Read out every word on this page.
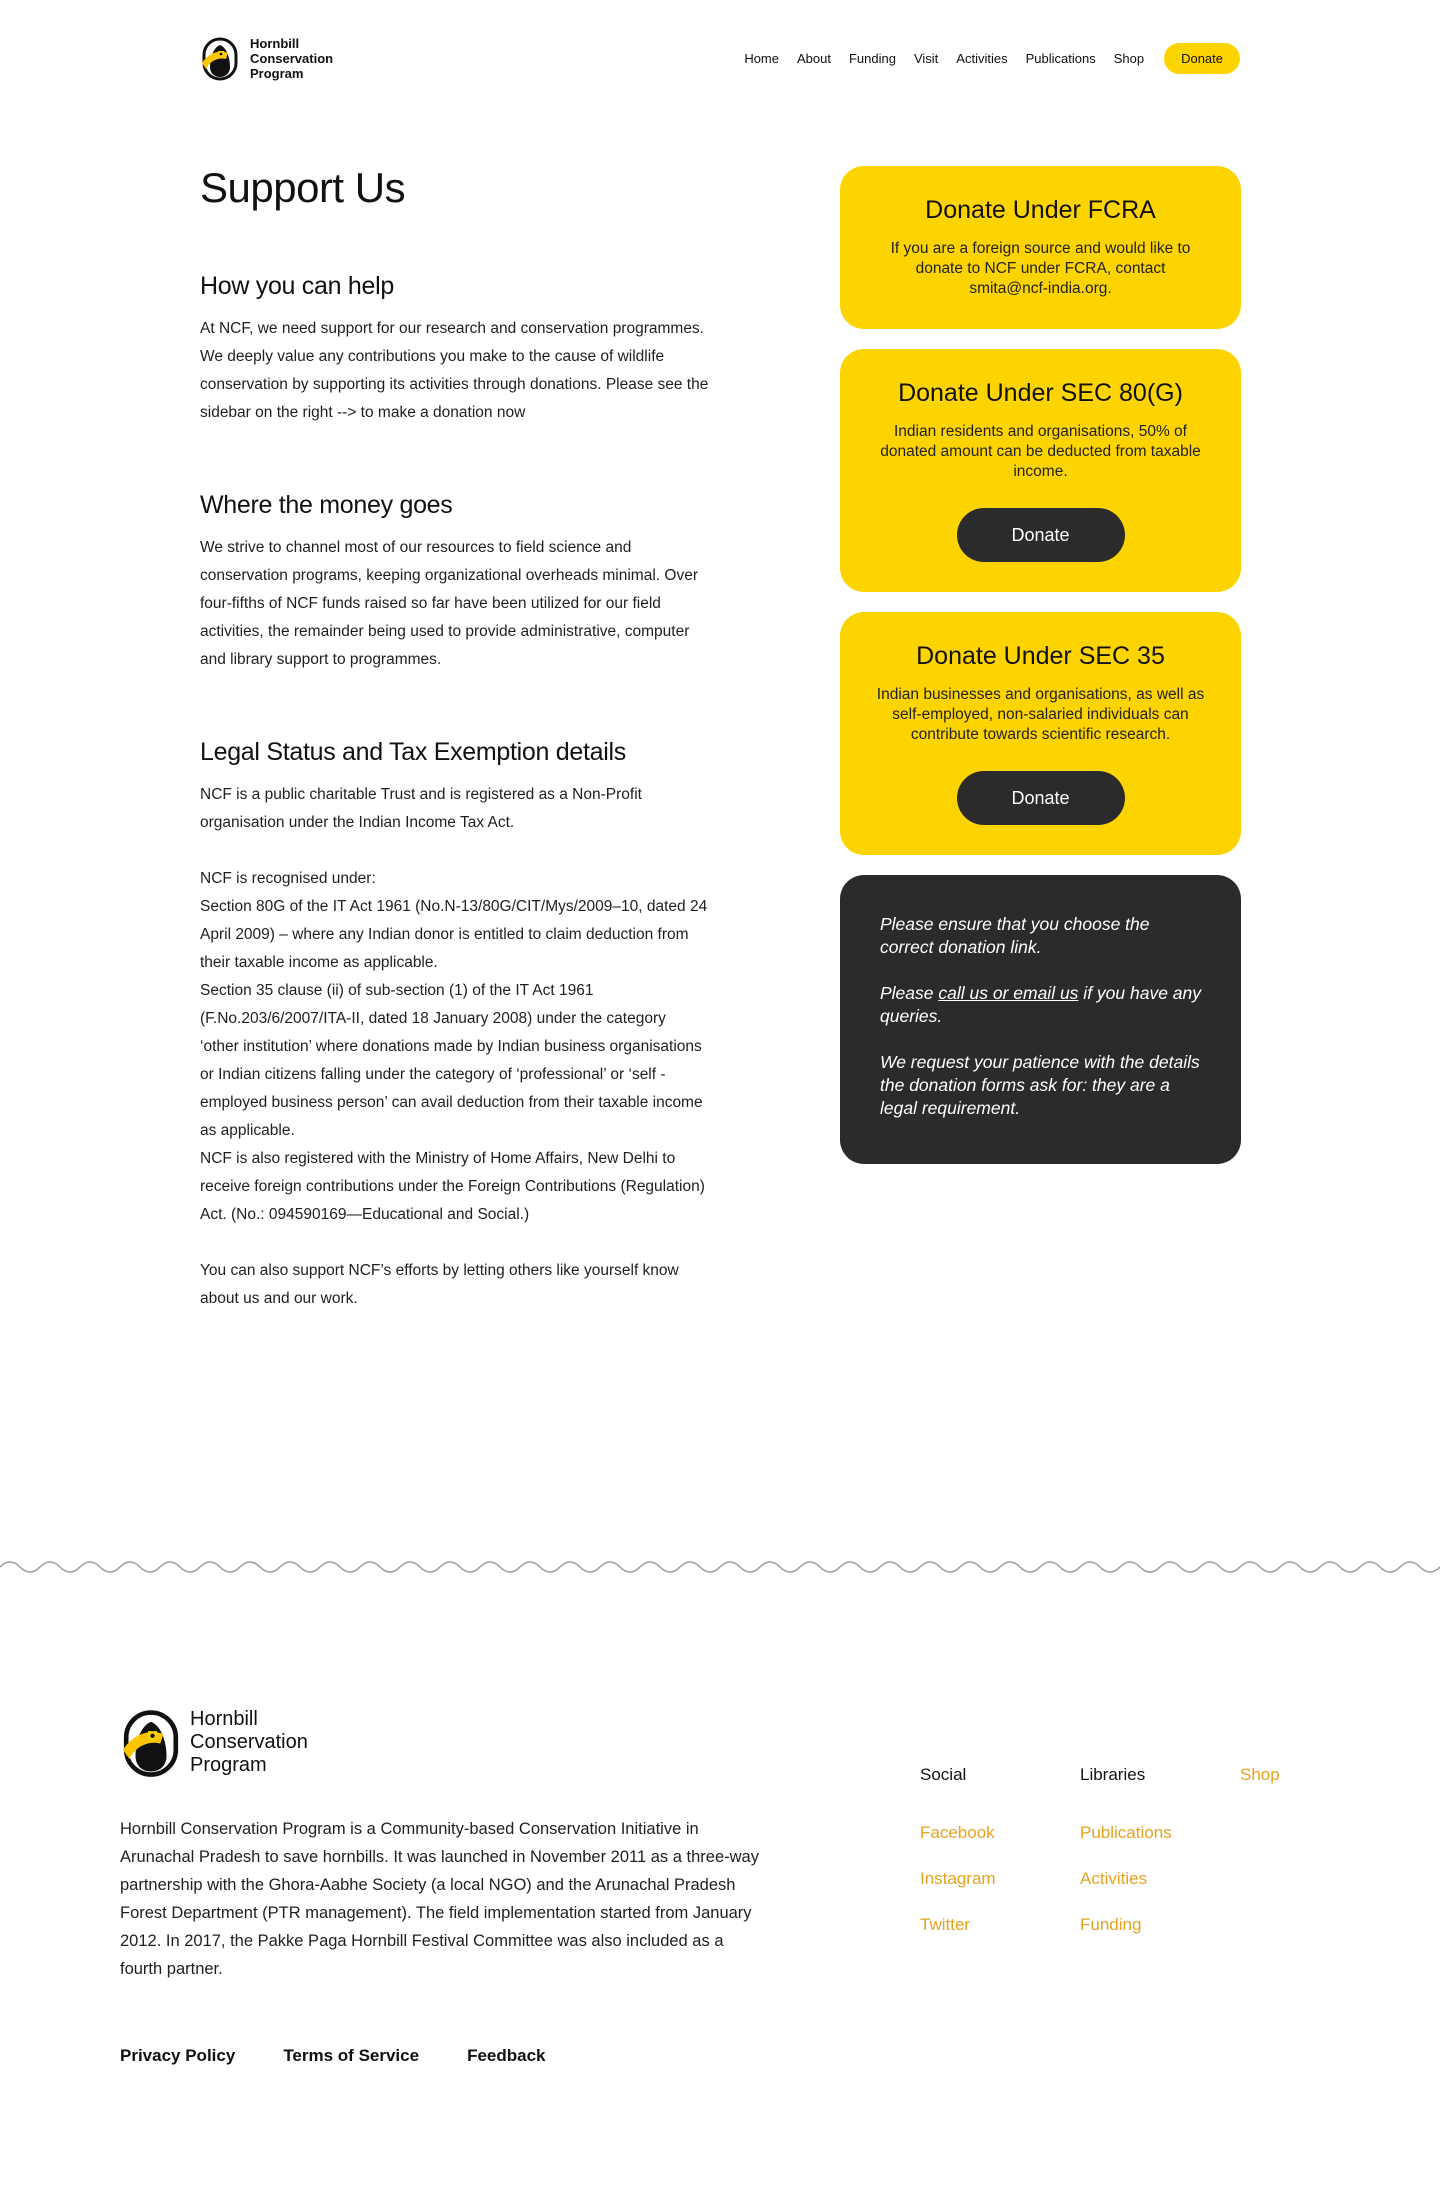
Hornbill
Conservation
Program
Home About Funding Visit Activities Publications Shop	Donate
Support Us
How you can help

At NCF, we need support for our research and conservation programmes.
We deeply value any contributions you make to the cause of wildlife
conservation by supporting its activities through donations. Please see the
sidebar on the right --> to make a donation now

Where the money goes

We strive to channel most of our resources to field science and
conservation programs, keeping organizational overheads minimal. Over
four-fifths of NCF funds raised so far have been utilized for our field
activities, the remainder being used to provide administrative, computer
and library support to programmes.

Legal Status and Tax Exemption details

NCF is a public charitable Trust and is registered as a Non-Profit
organisation under the Indian Income Tax Act.

NCF is recognised under:
Section 80G of the IT Act 1961 (No.N-13/80G/CIT/Mys/2009–10, dated 24
April 2009) – where any Indian donor is entitled to claim deduction from
their taxable income as applicable.
Section 35 clause (ii) of sub-section (1) of the IT Act 1961
(F.No.203/6/2007/ITA-II, dated 18 January 2008) under the category
‘other institution’ where donations made by Indian business organisations
or Indian citizens falling under the category of ‘professional’ or ‘self -
employed business person’ can avail deduction from their taxable income
as applicable.
NCF is also registered with the Ministry of Home Affairs, New Delhi to
receive foreign contributions under the Foreign Contributions (Regulation)
Act. (No.: 094590169—Educational and Social.)

You can also support NCF’s efforts by letting others like yourself know
about us and our work.

Donate Under FCRA

If you are a foreign source and would like to donate to NCF under FCRA, contact smita@ncf-india.org.

Donate Under SEC 80(G)

Indian residents and organisations, 50% of donated amount can be deducted from taxable income.

Donate
Donate Under SEC 35

Indian businesses and organisations, as well as self-employed, non-salaried individuals can contribute towards scientific research.

Donate

Please ensure that you choose the correct donation link.

Please call us or email us if you have any queries.

We request your patience with the details the donation forms ask for: they are a legal requirement.

Hornbill
Conservation
Program

Hornbill Conservation Program is a Community-based Conservation Initiative in Arunachal Pradesh to save hornbills. It was launched in November 2011 as a three-way partnership with the Ghora-Aabhe Society (a local NGO) and the Arunachal Pradesh Forest Department (PTR management). The field implementation started from January 2012. In 2017, the Pakke Paga Hornbill Festival Committee was also included as a fourth partner.

Social
Facebook
Instagram
Twitter
Libraries
Publications
Activities
Funding
Shop
Privacy Policy	Terms of Service	Feedback
